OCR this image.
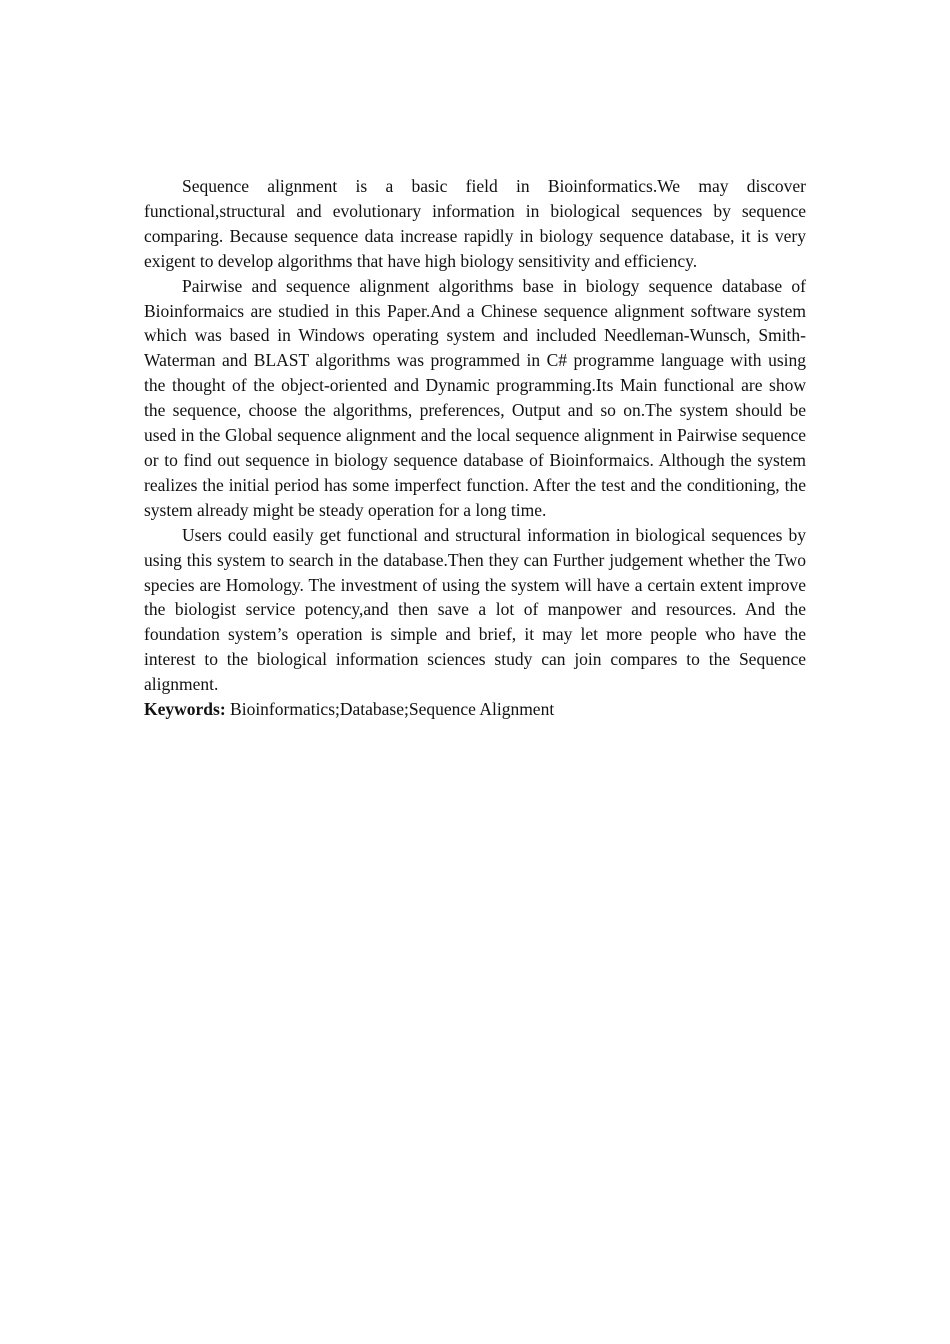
Sequence alignment is a basic field in Bioinformatics.We may discover functional,structural and evolutionary information in biological sequences by sequence comparing. Because sequence data increase rapidly in biology sequence database, it is very exigent to develop algorithms that have high biology sensitivity and efficiency.

Pairwise and sequence alignment algorithms base in biology sequence database of Bioinformaics are studied in this Paper.And a Chinese sequence alignment software system which was based in Windows operating system and included Needleman-Wunsch, Smith-Waterman and BLAST algorithms was programmed in C# programme language with using the thought of the object-oriented and Dynamic programming.Its Main functional are show the sequence, choose the algorithms, preferences, Output and so on.The system should be used in the Global sequence alignment and the local sequence alignment in Pairwise sequence or to find out sequence in biology sequence database of Bioinformaics. Although the system realizes the initial period has some imperfect function. After the test and the conditioning, the system already might be steady operation for a long time.

Users could easily get functional and structural information in biological sequences by using this system to search in the database.Then they can Further judgement whether the Two species are Homology. The investment of using the system will have a certain extent improve the biologist service potency,and then save a lot of manpower and resources. And the foundation system’s operation is simple and brief, it may let more people who have the interest to the biological information sciences study can join compares to the Sequence alignment.

Keywords: Bioinformatics;Database;Sequence Alignment
